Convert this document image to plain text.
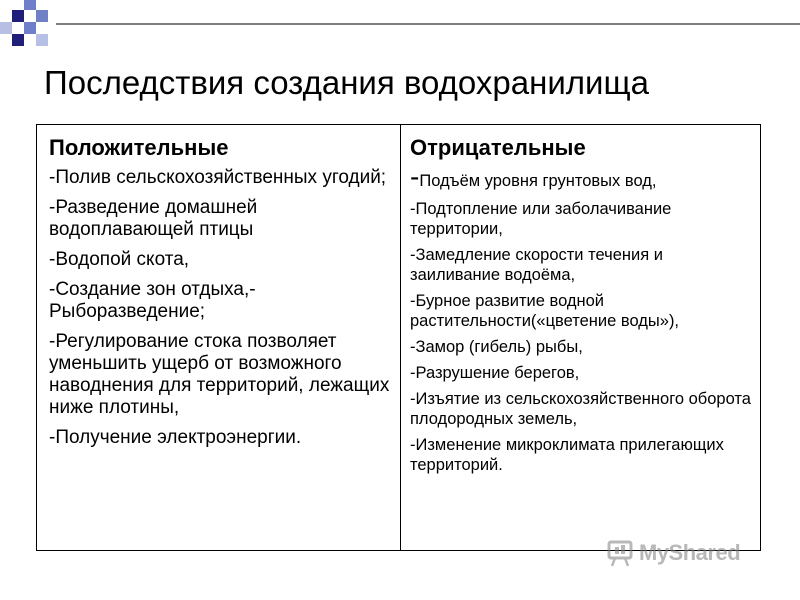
Последствия создания водохранилища
Положительные
-Полив сельскохозяйственных угодий;
-Разведение домашней водоплавающей птицы
-Водопой скота,
-Создание зон отдыха,-Рыборазведение;
-Регулирование стока позволяет уменьшить ущерб от возможного наводнения для территорий, лежащих ниже плотины,
-Получение электроэнергии.
Отрицательные
-Подъём уровня грунтовых вод,
-Подтопление или заболачивание территории,
-Замедление скорости течения и заиливание водоёма,
-Бурное развитие водной растительности(«цветение воды»),
-Замор (гибель) рыбы,
-Разрушение берегов,
-Изъятие из сельскохозяйственного оборота плодородных земель,
-Изменение микроклимата прилегающих территорий.
MyShared
